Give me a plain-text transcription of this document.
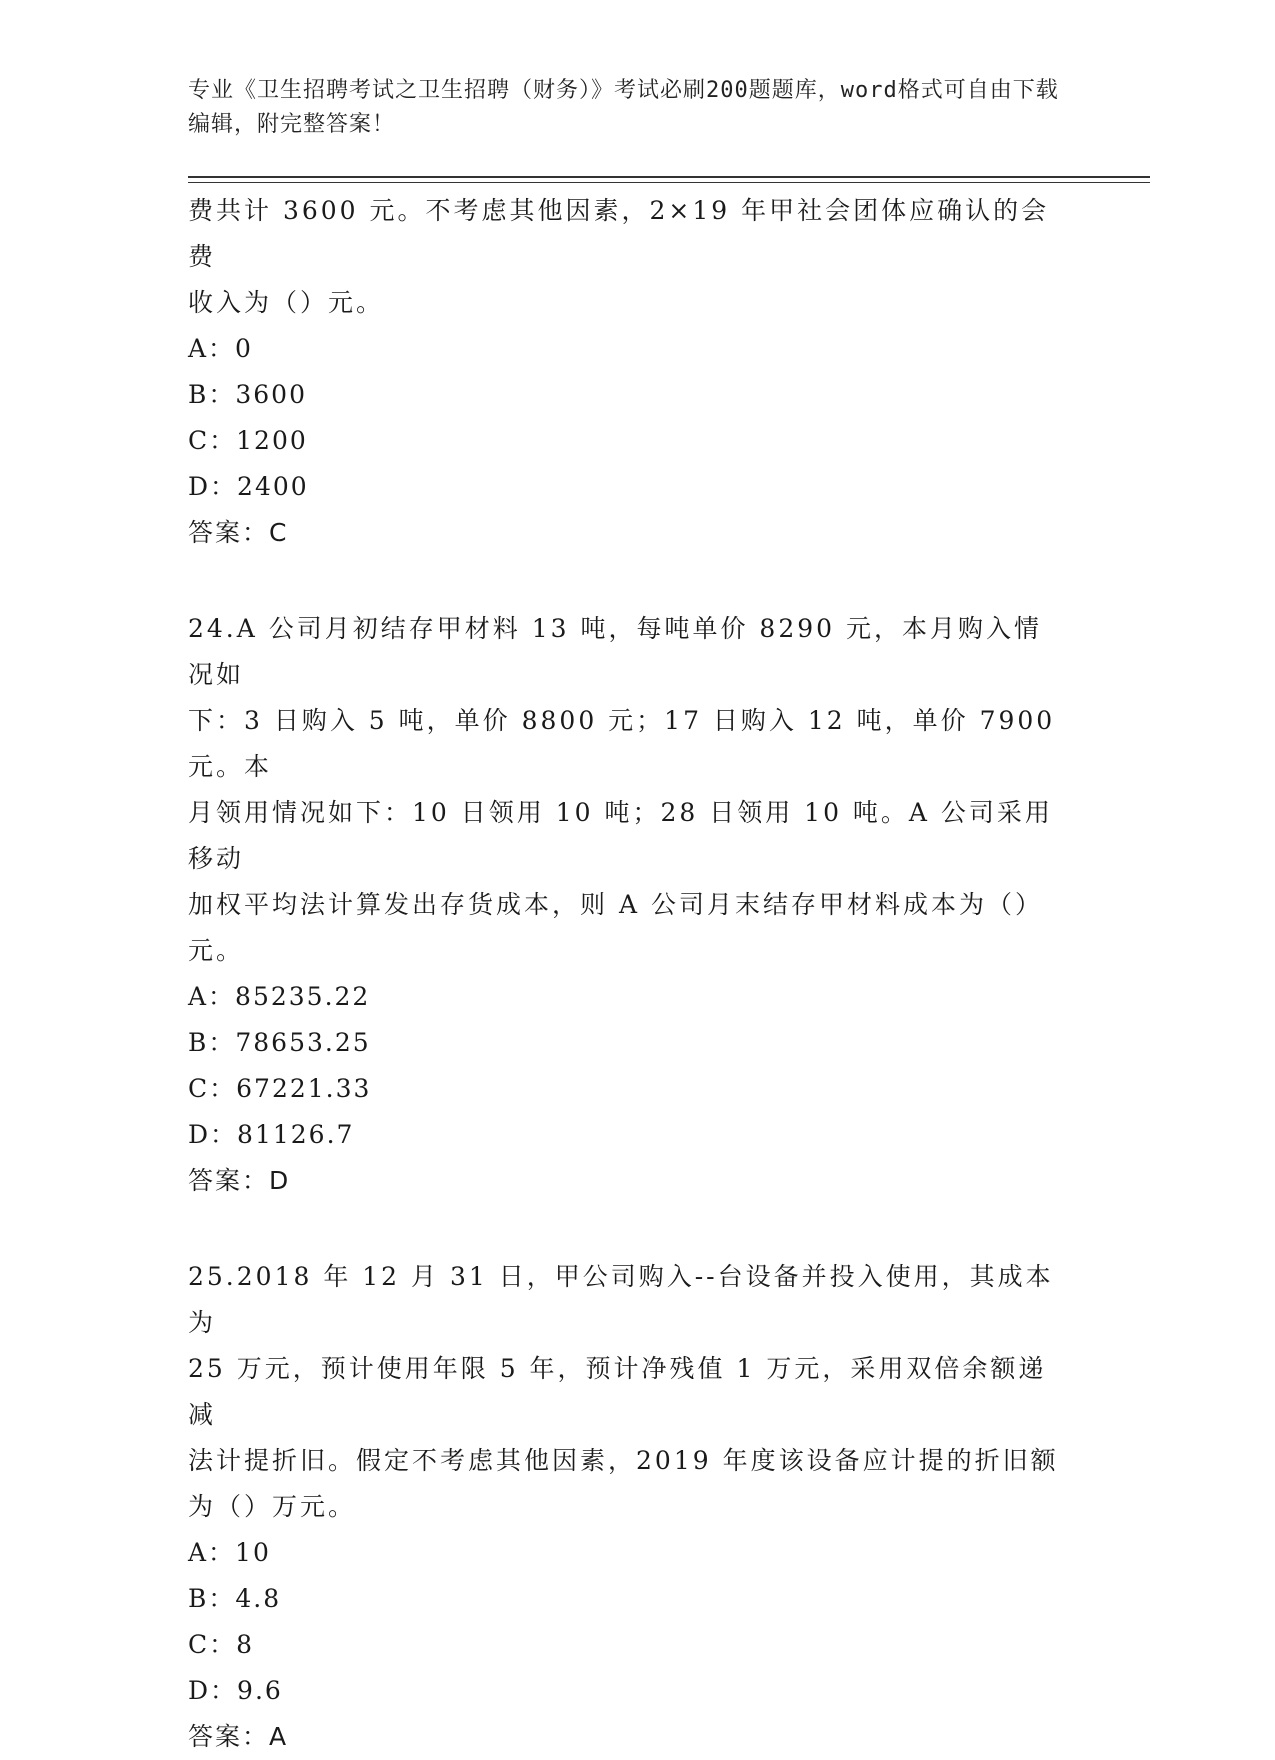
专业《卫生招聘考试之卫生招聘（财务）》考试必刷200题题库，word格式可自由下载编辑，附完整答案！

费共计 3600 元。不考虑其他因素，2×19 年甲社会团体应确认的会费

收入为（）元。

A：0

B：3600

C：1200

D：2400

答案：C

24.A 公司月初结存甲材料 13 吨，每吨单价 8290 元，本月购入情况如

下：3 日购入 5 吨，单价 8800 元；17 日购入 12 吨，单价 7900 元。本

月领用情况如下：10 日领用 10 吨；28 日领用 10 吨。A 公司采用移动

加权平均法计算发出存货成本，则 A 公司月末结存甲材料成本为（）

元。

A：85235.22

B：78653.25

C：67221.33

D：81126.7

答案：D

25.2018 年 12 月 31 日，甲公司购入--台设备并投入使用，其成本为

25 万元，预计使用年限 5 年，预计净残值 1 万元，采用双倍余额递减

法计提折旧。假定不考虑其他因素，2019 年度该设备应计提的折旧额

为（）万元。

A：10

B：4.8

C：8

D：9.6

答案：A
